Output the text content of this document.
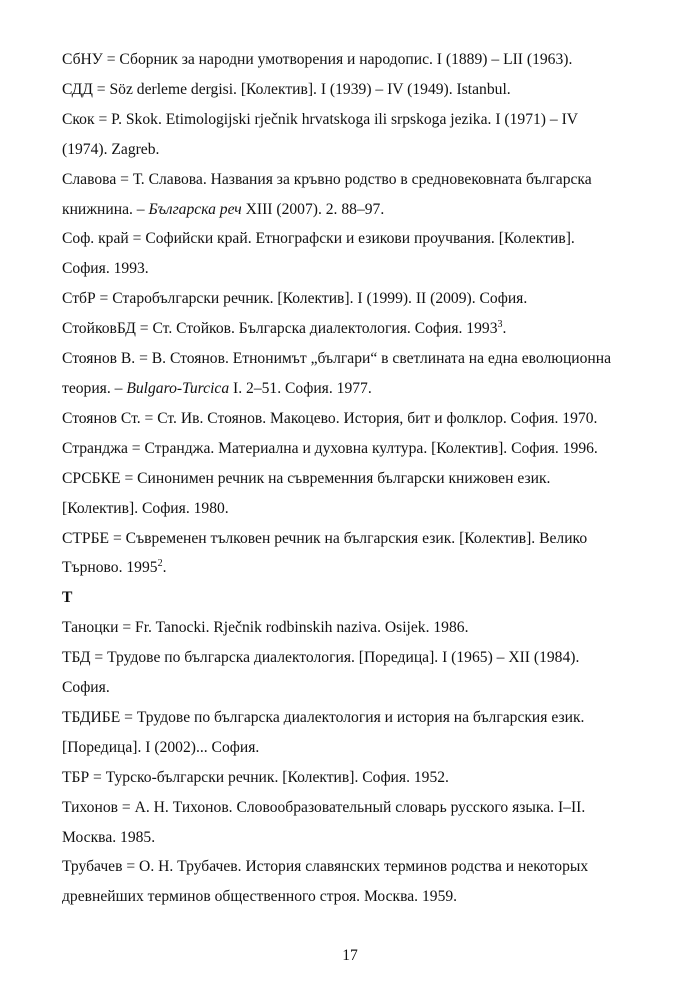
СбНУ = Сборник за народни умотворения и народопис. I (1889) – LII (1963).
СДД = Söz derleme dergisi. [Колектив]. I (1939) – IV (1949). Istanbul.
Скок = P. Skok. Etimologijski rječnik hrvatskoga ili srpskoga jezika. I (1971) – IV
(1974). Zagreb.
Славова = Т. Славова. Названия за кръвно родство в средновековната българска
книжнина. – Българска реч XIII (2007). 2. 88–97.
Соф. край = Софийски край. Етнографски и езикови проучвания. [Колектив].
София. 1993.
СтбР = Старобългарски речник. [Колектив]. I (1999). II (2009). София.
СтойковБД = Ст. Стойков. Българска диалектология. София. 1993$^3$.
Стоянов В. = В. Стоянов. Етнонимът „българи“ в светлината на една еволюционна
теория. – Bulgaro-Turcica I. 2–51. София. 1977.
Стоянов Ст. = Ст. Ив. Стоянов. Макоцево. История, бит и фолклор. София. 1970.
Странджа = Странджа. Материална и духовна култура. [Колектив]. София. 1996.
СРСБКЕ = Синонимен речник на съвременния български книжовен език.
[Колектив]. София. 1980.
СТРБЕ = Съвременен тълковен речник на българския език. [Колектив]. Велико
Търново. 1995$^2$.
Т
Таноцки = Fr. Tanocki. Rječnik rodbinskih naziva. Osijek. 1986.
ТБД = Трудове по българска диалектология. [Поредица]. I (1965) – XII (1984).
София.
ТБДИБЕ = Трудове по българска диалектология и история на българския език.
[Поредица]. I (2002)... София.
ТБР = Турско-български речник. [Колектив]. София. 1952.
Тихонов = А. Н. Тихонов. Словообразовательный словарь русского языка. I–II.
Москва. 1985.
Трубачев = О. Н. Трубачев. История славянских терминов родства и некоторых
древнейших терминов общественного строя. Москва. 1959.
17
